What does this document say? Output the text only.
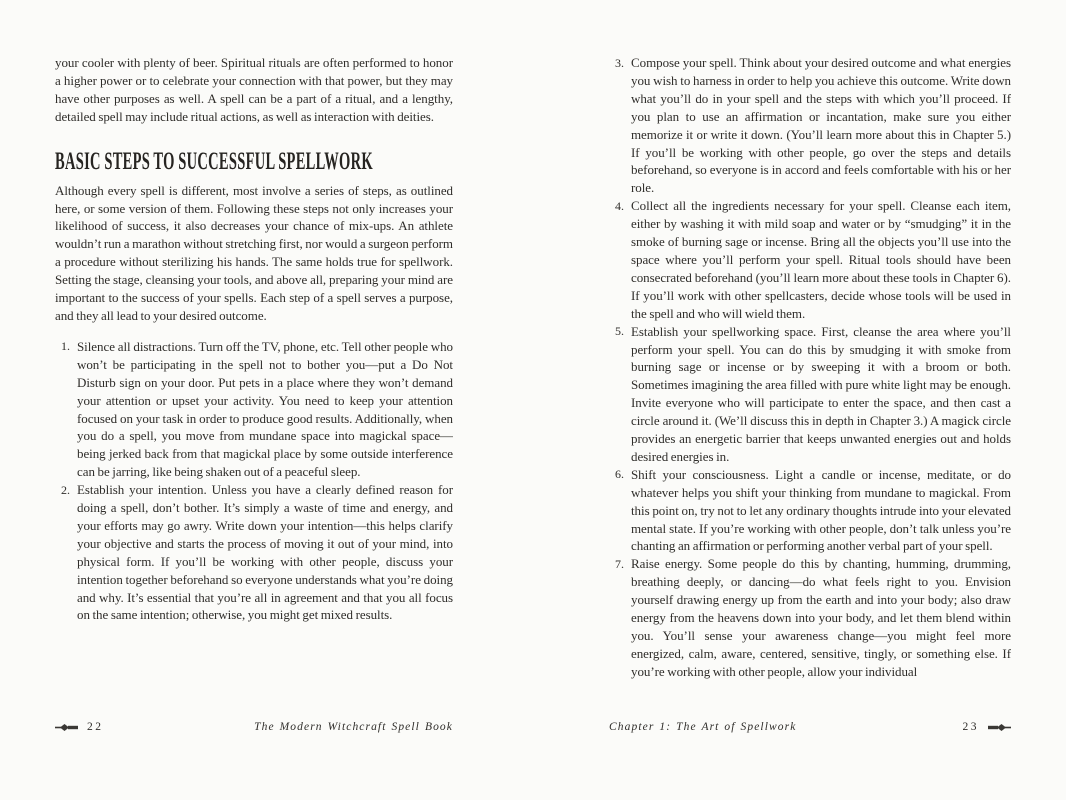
your cooler with plenty of beer. Spiritual rituals are often performed to honor a higher power or to celebrate your connection with that power, but they may have other purposes as well. A spell can be a part of a ritual, and a lengthy, detailed spell may include ritual actions, as well as interaction with deities.

BASIC STEPS TO SUCCESSFUL SPELLWORK

Although every spell is different, most involve a series of steps, as outlined here, or some version of them. Following these steps not only increases your likelihood of success, it also decreases your chance of mix-ups. An athlete wouldn’t run a marathon without stretching first, nor would a surgeon perform a procedure without sterilizing his hands. The same holds true for spellwork. Setting the stage, cleansing your tools, and above all, preparing your mind are important to the success of your spells. Each step of a spell serves a purpose, and they all lead to your desired outcome.

1. Silence all distractions. Turn off the TV, phone, etc. Tell other people who won’t be participating in the spell not to bother you—put a Do Not Disturb sign on your door. Put pets in a place where they won’t demand your attention or upset your activity. You need to keep your attention focused on your task in order to produce good results. Additionally, when you do a spell, you move from mundane space into magickal space—being jerked back from that magickal place by some outside interference can be jarring, like being shaken out of a peaceful sleep.
2. Establish your intention. Unless you have a clearly defined reason for doing a spell, don’t bother. It’s simply a waste of time and energy, and your efforts may go awry. Write down your intention—this helps clarify your objective and starts the process of moving it out of your mind, into physical form. If you’ll be working with other people, discuss your intention together beforehand so everyone understands what you’re doing and why. It’s essential that you’re all in agreement and that you all focus on the same intention; otherwise, you might get mixed results.
22	The Modern Witchcraft Spell Book
3. Compose your spell. Think about your desired outcome and what energies you wish to harness in order to help you achieve this outcome. Write down what you’ll do in your spell and the steps with which you’ll proceed. If you plan to use an affirmation or incantation, make sure you either memorize it or write it down. (You’ll learn more about this in Chapter 5.) If you’ll be working with other people, go over the steps and details beforehand, so everyone is in accord and feels comfortable with his or her role.
4. Collect all the ingredients necessary for your spell. Cleanse each item, either by washing it with mild soap and water or by “smudging” it in the smoke of burning sage or incense. Bring all the objects you’ll use into the space where you’ll perform your spell. Ritual tools should have been consecrated beforehand (you’ll learn more about these tools in Chapter 6). If you’ll work with other spellcasters, decide whose tools will be used in the spell and who will wield them.
5. Establish your spellworking space. First, cleanse the area where you’ll perform your spell. You can do this by smudging it with smoke from burning sage or incense or by sweeping it with a broom or both. Sometimes imagining the area filled with pure white light may be enough. Invite everyone who will participate to enter the space, and then cast a circle around it. (We’ll discuss this in depth in Chapter 3.) A magick circle provides an energetic barrier that keeps unwanted energies out and holds desired energies in.
6. Shift your consciousness. Light a candle or incense, meditate, or do whatever helps you shift your thinking from mundane to magickal. From this point on, try not to let any ordinary thoughts intrude into your elevated mental state. If you’re working with other people, don’t talk unless you’re chanting an affirmation or performing another verbal part of your spell.
7. Raise energy. Some people do this by chanting, humming, drumming, breathing deeply, or dancing—do what feels right to you. Envision yourself drawing energy up from the earth and into your body; also draw energy from the heavens down into your body, and let them blend within you. You’ll sense your awareness change—you might feel more energized, calm, aware, centered, sensitive, tingly, or something else. If you’re working with other people, allow your individual
Chapter 1: The Art of Spellwork	23
